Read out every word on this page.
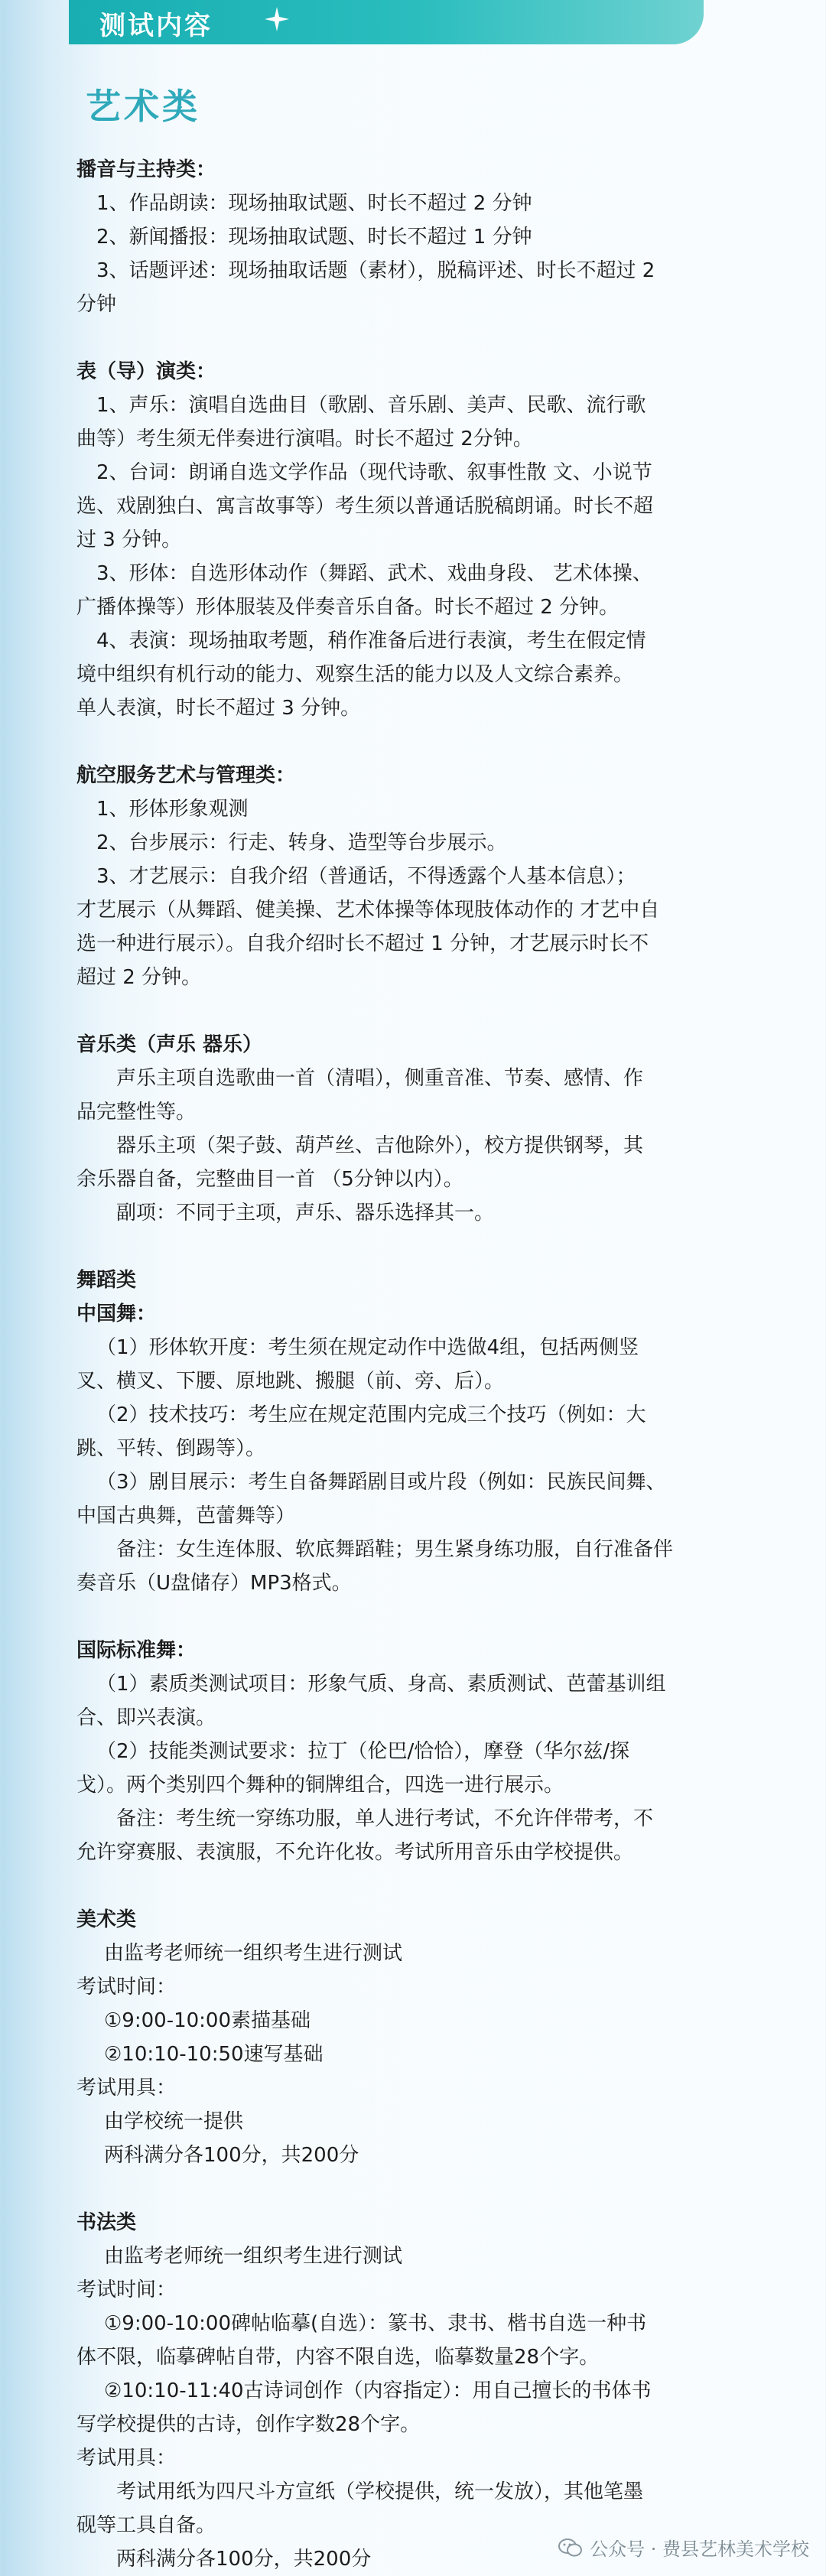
测试内容
艺术类

播音与主持类：

1、作品朗读：现场抽取试题、时长不超过 2 分钟

2、新闻播报：现场抽取试题、时长不超过 1 分钟

3、话题评述：现场抽取话题（素材），脱稿评述、时长不超过 2

分钟

表（导）演类：

1、声乐：演唱自选曲目（歌剧、音乐剧、美声、民歌、流行歌

曲等）考生须无伴奏进行演唱。时长不超过 2分钟。

2、台词：朗诵自选文学作品（现代诗歌、叙事性散 文、小说节

选、戏剧独白、寓言故事等）考生须以普通话脱稿朗诵。时长不超

过 3 分钟。

3、形体：自选形体动作（舞蹈、武术、戏曲身段、 艺术体操、

广播体操等）形体服装及伴奏音乐自备。时长不超过 2 分钟。

4、表演：现场抽取考题，稍作准备后进行表演，考生在假定情

境中组织有机行动的能力、观察生活的能力以及人文综合素养。

单人表演，时长不超过 3 分钟。

航空服务艺术与管理类：

1、形体形象观测

2、台步展示：行走、转身、造型等台步展示。

3、才艺展示：自我介绍（普通话，不得透露个人基本信息）；

才艺展示（从舞蹈、健美操、艺术体操等体现肢体动作的 才艺中自

选一种进行展示）。自我介绍时长不超过 1 分钟，才艺展示时长不

超过 2 分钟。

音乐类（声乐 器乐）

声乐主项自选歌曲一首（清唱），侧重音准、节奏、感情、作

品完整性等。

器乐主项（架子鼓、葫芦丝、吉他除外），校方提供钢琴，其

余乐器自备，完整曲目一首 （5分钟以内）。

副项：不同于主项，声乐、器乐选择其一。

舞蹈类

中国舞：

（1）形体软开度：考生须在规定动作中选做4组，包括两侧竖

叉、横叉、下腰、原地跳、搬腿（前、旁、后）。

（2）技术技巧：考生应在规定范围内完成三个技巧（例如：大

跳、平转、倒踢等）。

（3）剧目展示：考生自备舞蹈剧目或片段（例如：民族民间舞、

中国古典舞，芭蕾舞等）

备注：女生连体服、软底舞蹈鞋；男生紧身练功服，自行准备伴

奏音乐（U盘储存）MP3格式。

国际标准舞：

（1）素质类测试项目：形象气质、身高、素质测试、芭蕾基训组

合、即兴表演。

（2）技能类测试要求：拉丁（伦巴/恰恰），摩登（华尔兹/探

戈）。两个类别四个舞种的铜牌组合，四选一进行展示。

备注：考生统一穿练功服，单人进行考试，不允许伴带考，不

允许穿赛服、表演服，不允许化妆。考试所用音乐由学校提供。

美术类

由监考老师统一组织考生进行测试

考试时间：

①9:00-10:00素描基础

②10:10-10:50速写基础

考试用具：

由学校统一提供

两科满分各100分，共200分

书法类

由监考老师统一组织考生进行测试

考试时间：

①9:00-10:00碑帖临摹(自选）：篆书、隶书、楷书自选一种书

体不限，临摹碑帖自带，内容不限自选，临摹数量28个字。

②10:10-11:40古诗词创作（内容指定）：用自己擅长的书体书

写学校提供的古诗，创作字数28个字。

考试用具：

考试用纸为四尺斗方宣纸（学校提供，统一发放），其他笔墨

砚等工具自备。

两科满分各100分，共200分	公众号 · 费县艺林美术学校
